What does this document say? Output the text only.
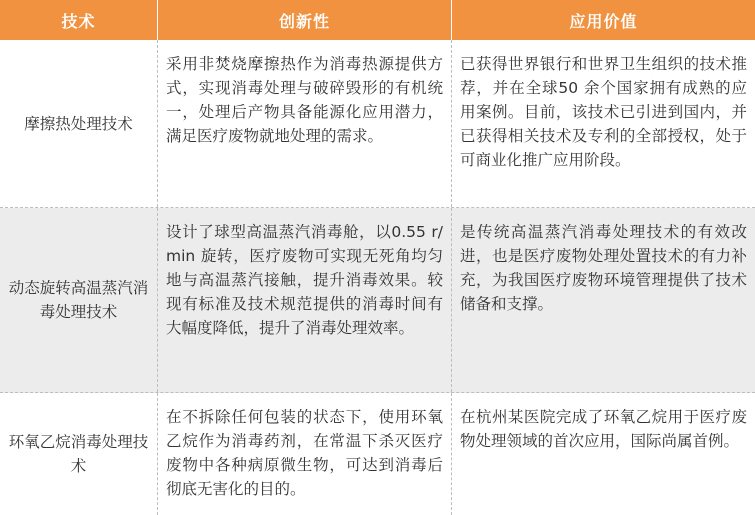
技术	创新性	应用价值
摩擦热处理技术
采用非焚烧摩擦热作为消毒热源提供方式，实现消毒处理与破碎毁形的有机统一，处理后产物具备能源化应用潜力，满足医疗废物就地处理的需求。
已获得世界银行和世界卫生组织的技术推荐，并在全球50 余个国家拥有成熟的应用案例。目前，该技术已引进到国内，并已获得相关技术及专利的全部授权，处于可商业化推广应用阶段。
动态旋转高温蒸汽消毒处理技术
设计了球型高温蒸汽消毒舱，以0.55 r/min 旋转，医疗废物可实现无死角均匀地与高温蒸汽接触，提升消毒效果。较现有标准及技术规范提供的消毒时间有大幅度降低，提升了消毒处理效率。
是传统高温蒸汽消毒处理技术的有效改进，也是医疗废物处理处置技术的有力补充，为我国医疗废物环境管理提供了技术储备和支撑。
环氧乙烷消毒处理技术
在不拆除任何包装的状态下，使用环氧乙烷作为消毒药剂，在常温下杀灭医疗废物中各种病原微生物，可达到消毒后彻底无害化的目的。
在杭州某医院完成了环氧乙烷用于医疗废物处理领域的首次应用，国际尚属首例。
